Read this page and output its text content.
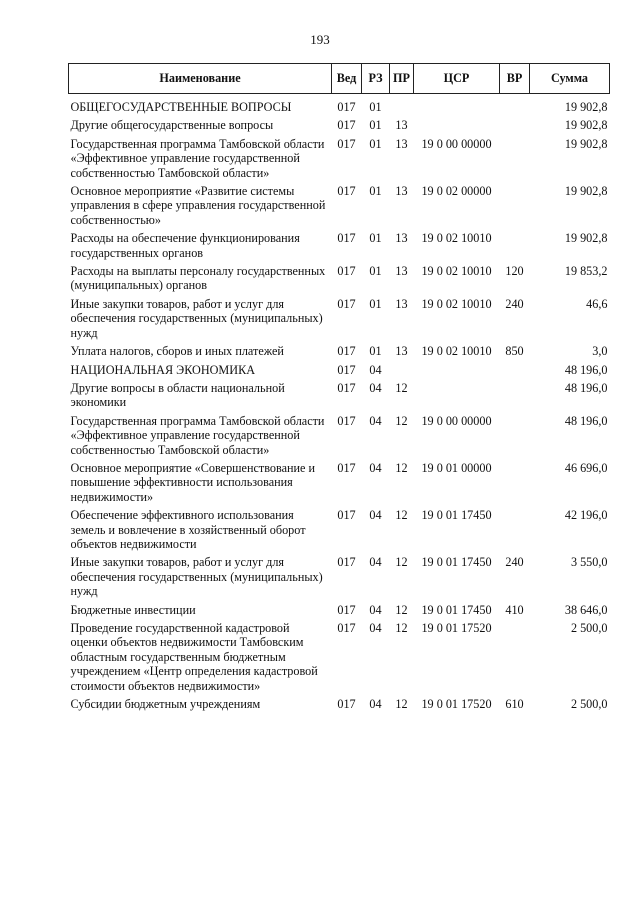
193
Наименование	Вед	РЗ	ПР	ЦСР	ВР	Сумма
ОБЩЕГОСУДАРСТВЕННЫЕ ВОПРОСЫ	017	01				19 902,8
Другие общегосударственные вопросы	017	01	13			19 902,8
Государственная программа Тамбовской области «Эффективное управление государственной собственностью Тамбовской области»	017	01	13	19 0 00 00000		19 902,8
Основное мероприятие «Развитие системы управления в сфере управления государственной собственностью»	017	01	13	19 0 02 00000		19 902,8
Расходы на обеспечение функционирования государственных органов	017	01	13	19 0 02 10010		19 902,8
Расходы на выплаты персоналу государственных (муниципальных) органов	017	01	13	19 0 02 10010	120	19 853,2
Иные закупки товаров, работ и услуг для обеспечения государственных (муниципальных) нужд	017	01	13	19 0 02 10010	240	46,6
Уплата налогов, сборов и иных платежей	017	01	13	19 0 02 10010	850	3,0
НАЦИОНАЛЬНАЯ ЭКОНОМИКА	017	04				48 196,0
Другие вопросы в области национальной экономики	017	04	12			48 196,0
Государственная программа Тамбовской области «Эффективное управление государственной собственностью Тамбовской области»	017	04	12	19 0 00 00000		48 196,0
Основное мероприятие «Совершенствование и повышение эффективности использования недвижимости»	017	04	12	19 0 01 00000		46 696,0
Обеспечение эффективного использования земель и вовлечение в хозяйственный оборот объектов недвижимости	017	04	12	19 0 01 17450		42 196,0
Иные закупки товаров, работ и услуг для обеспечения государственных (муниципальных) нужд	017	04	12	19 0 01 17450	240	3 550,0
Бюджетные инвестиции	017	04	12	19 0 01 17450	410	38 646,0
Проведение государственной кадастровой оценки объектов недвижимости Тамбовским областным государственным бюджетным учреждением «Центр определения кадастровой стоимости объектов недвижимости»	017	04	12	19 0 01 17520		2 500,0
Субсидии бюджетным учреждениям	017	04	12	19 0 01 17520	610	2 500,0
